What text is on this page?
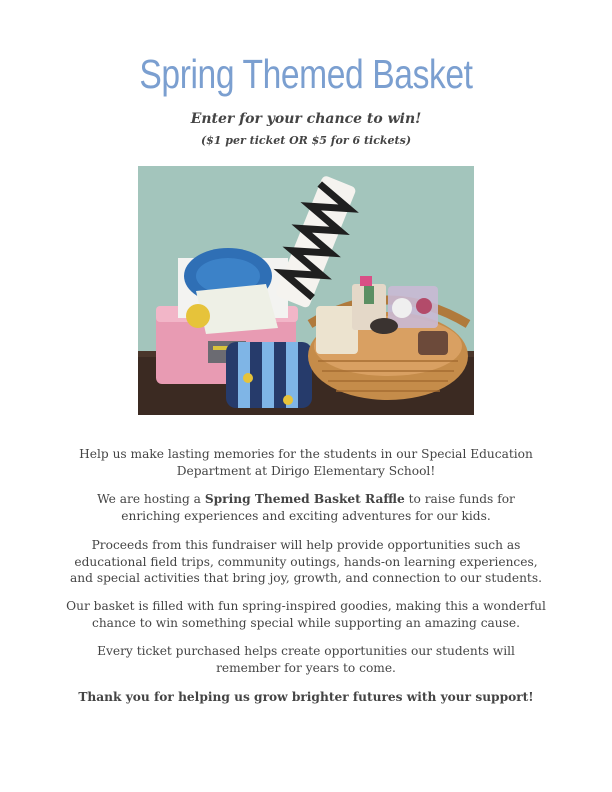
Spring Themed Basket
Enter for your chance to win!
($1 per ticket OR $5 for 6 tickets)
Help us make lasting memories for the students in our Special Education Department at Dirigo Elementary School!
We are hosting a Spring Themed Basket Raffle to raise funds for enriching experiences and exciting adventures for our kids.
Proceeds from this fundraiser will help provide opportunities such as educational field trips, community outings, hands-on learning experiences, and special activities that bring joy, growth, and connection to our students.
Our basket is filled with fun spring-inspired goodies, making this a wonderful chance to win something special while supporting an amazing cause.
Every ticket purchased helps create opportunities our students will remember for years to come.
Thank you for helping us grow brighter futures with your support!
